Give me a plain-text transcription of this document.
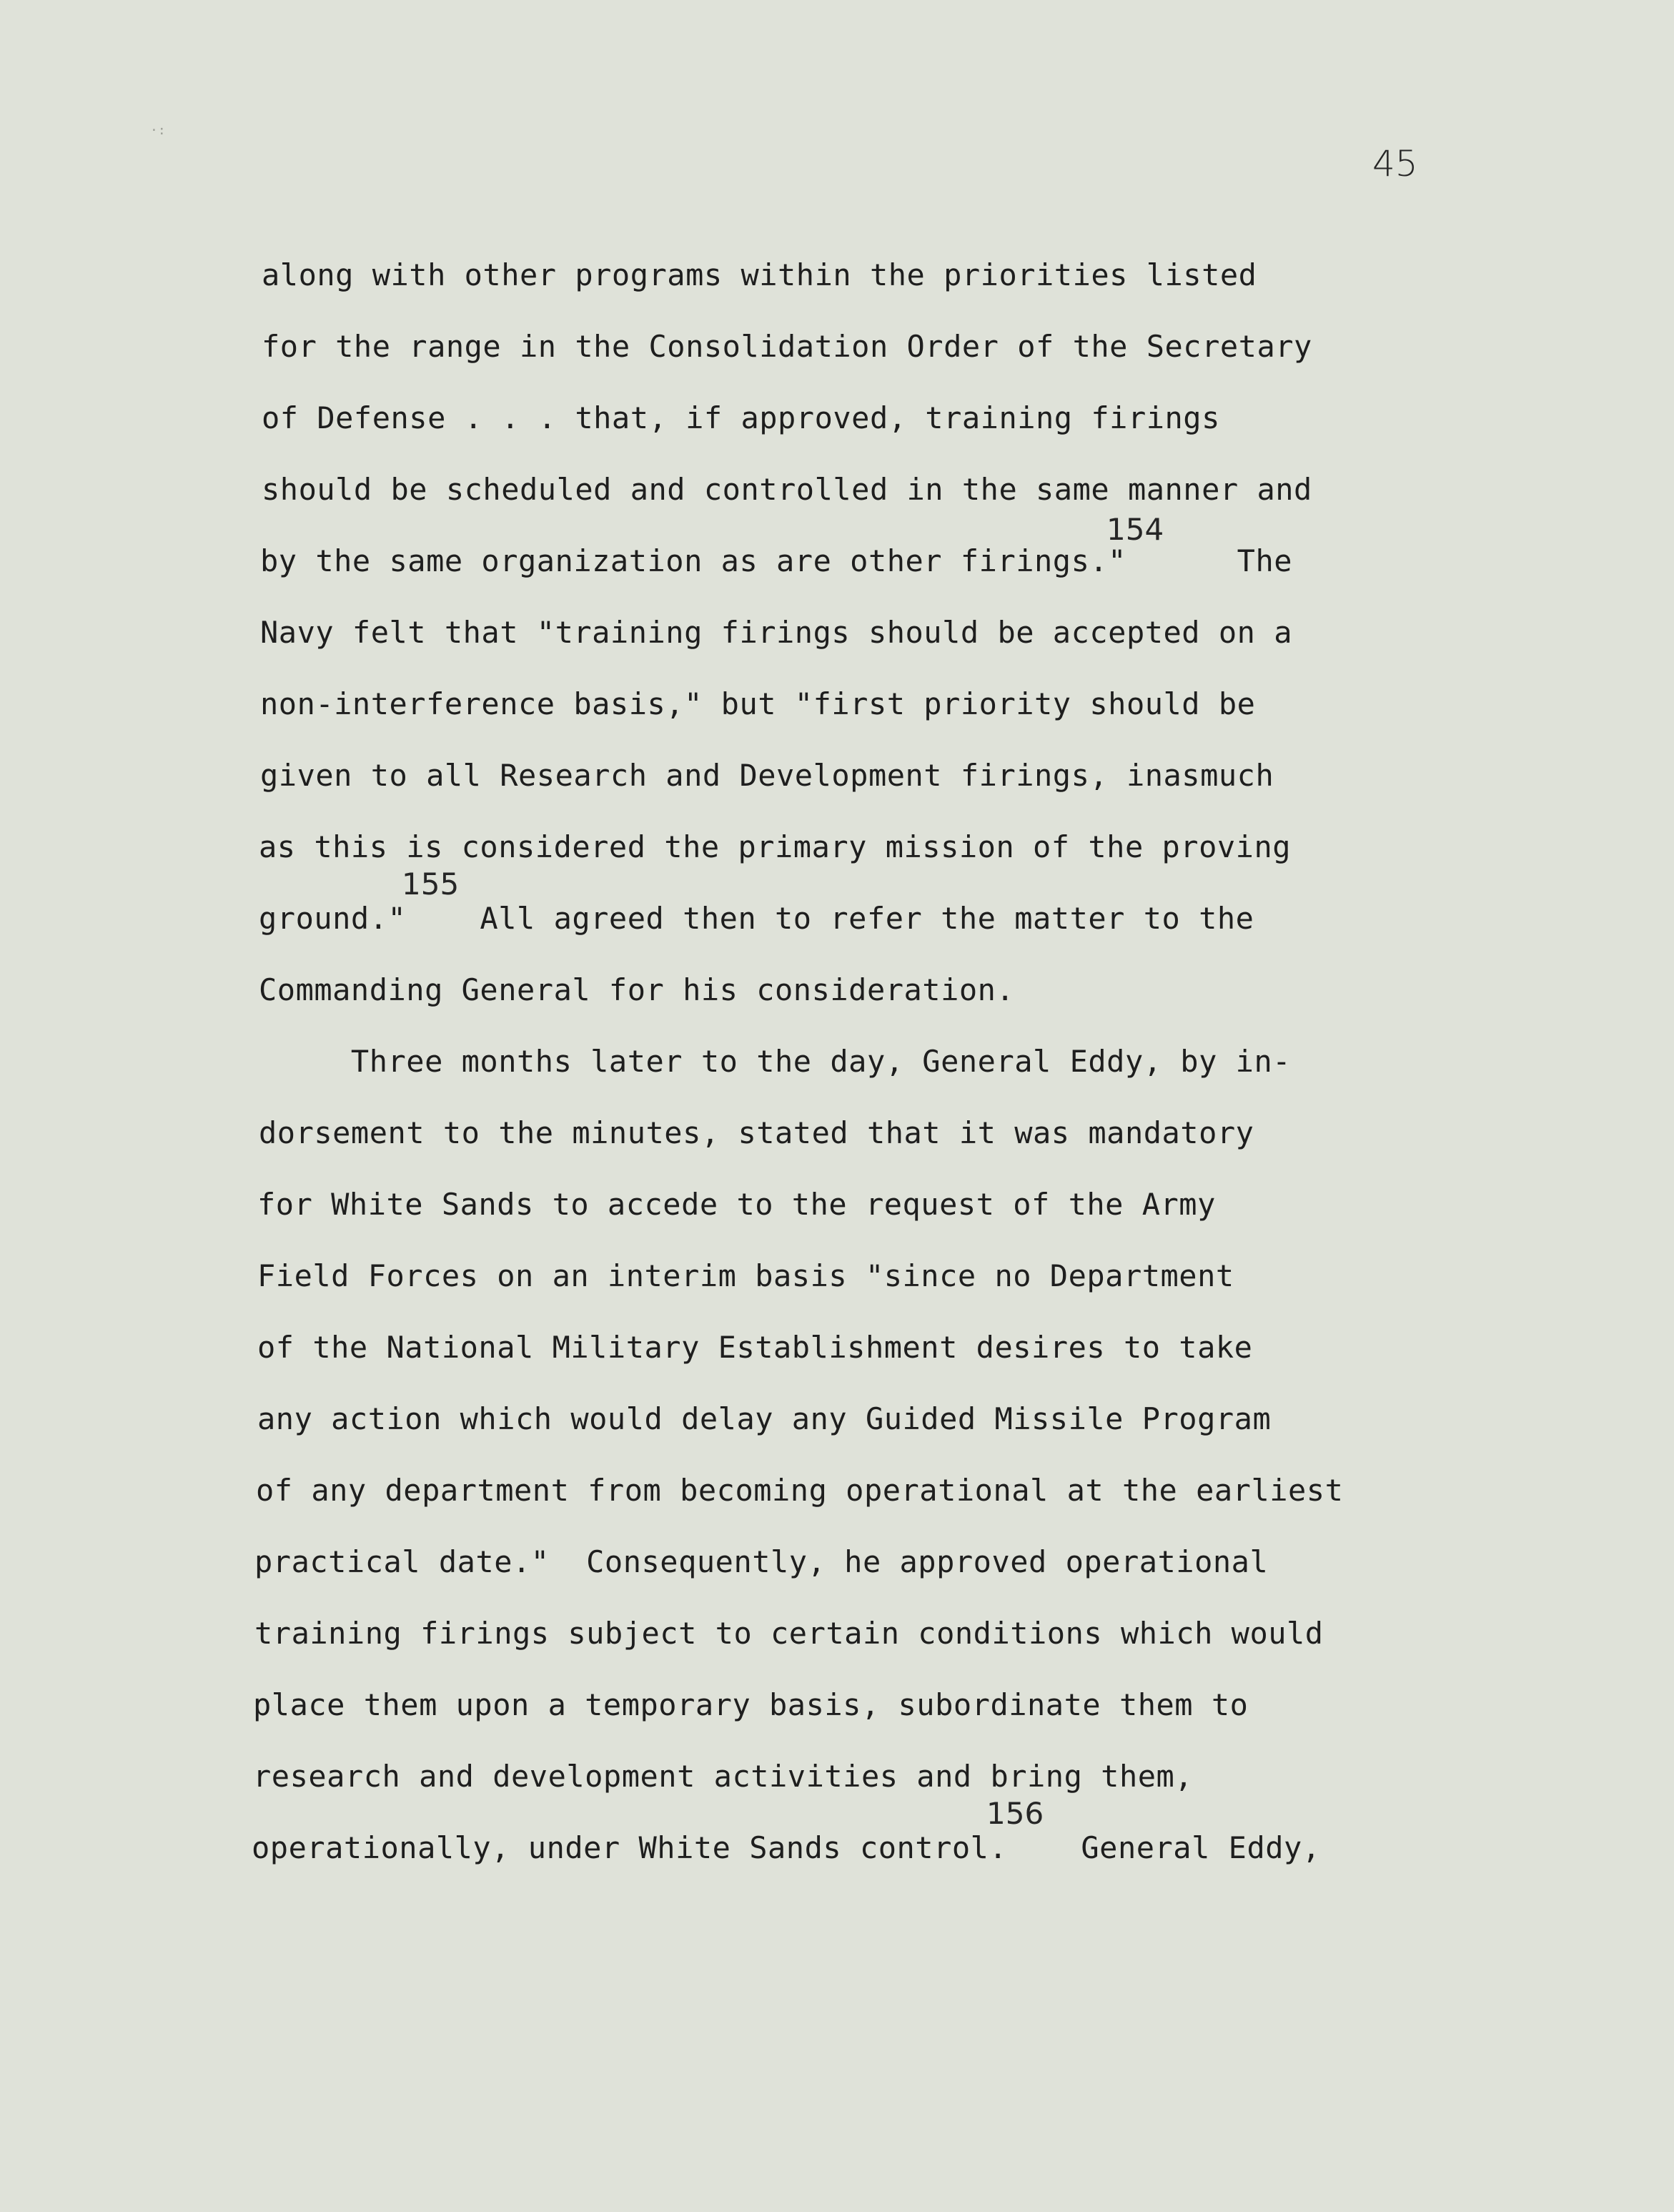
45
·:
along with other programs within the priorities listed
for the range in the Consolidation Order of the Secretary
of Defense . . . that, if approved, training firings
should be scheduled and controlled in the same manner and
by the same organization as are other firings."      The
Navy felt that "training firings should be accepted on a
non-interference basis," but "first priority should be
given to all Research and Development firings, inasmuch
as this is considered the primary mission of the proving
ground."    All agreed then to refer the matter to the
Commanding General for his consideration.
Three months later to the day, General Eddy, by in-
dorsement to the minutes, stated that it was mandatory
for White Sands to accede to the request of the Army
Field Forces on an interim basis "since no Department
of the National Military Establishment desires to take
any action which would delay any Guided Missile Program
of any department from becoming operational at the earliest
practical date."  Consequently, he approved operational
training firings subject to certain conditions which would
place them upon a temporary basis, subordinate them to
research and development activities and bring them,
operationally, under White Sands control.    General Eddy,
154
155
156
